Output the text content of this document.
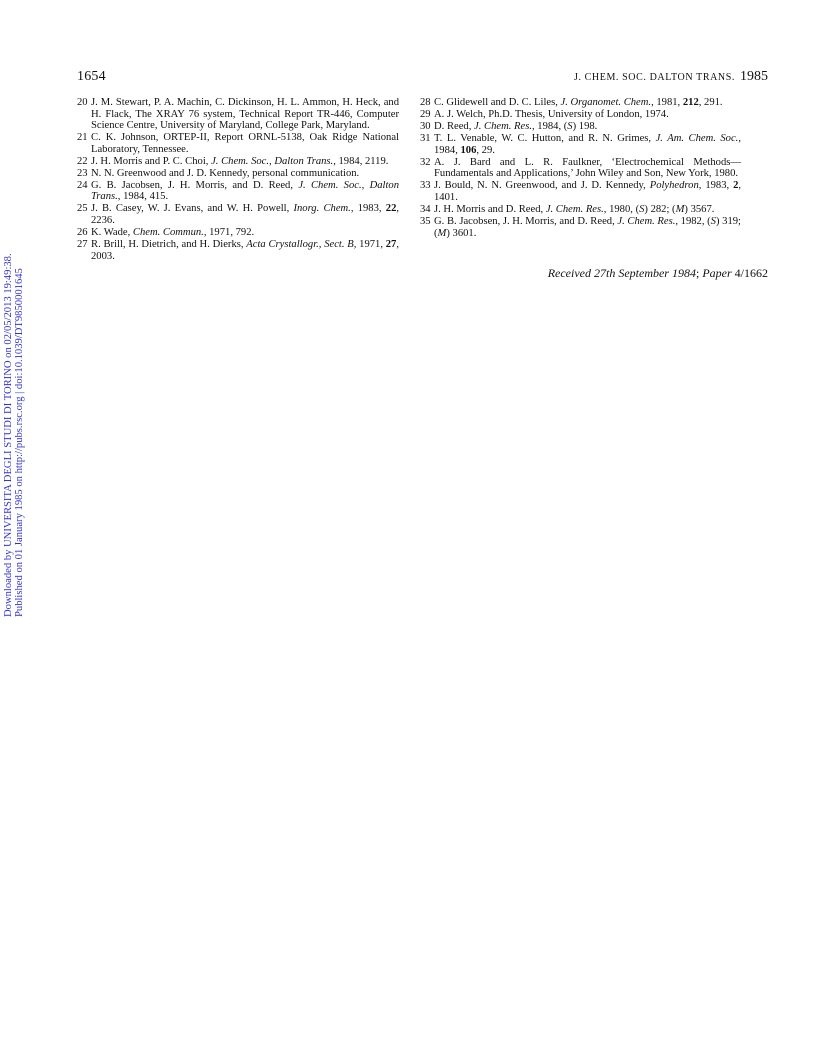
Downloaded by UNIVERSITA DEGLI STUDI DI TORINO on 02/05/2013 19:49:38. Published on 01 January 1985 on http://pubs.rsc.org | doi:10.1039/DT9850001645
1654	J. CHEM. SOC. DALTON TRANS. 1985
20 J. M. Stewart, P. A. Machin, C. Dickinson, H. L. Ammon, H. Heck, and H. Flack, The XRAY 76 system, Technical Report TR-446, Computer Science Centre, University of Maryland, College Park, Maryland.
21 C. K. Johnson, ORTEP-II, Report ORNL-5138, Oak Ridge National Laboratory, Tennessee.
22 J. H. Morris and P. C. Choi, J. Chem. Soc., Dalton Trans., 1984, 2119.
23 N. N. Greenwood and J. D. Kennedy, personal communication.
24 G. B. Jacobsen, J. H. Morris, and D. Reed, J. Chem. Soc., Dalton Trans., 1984, 415.
25 J. B. Casey, W. J. Evans, and W. H. Powell, Inorg. Chem., 1983, 22, 2236.
26 K. Wade, Chem. Commun., 1971, 792.
27 R. Brill, H. Dietrich, and H. Dierks, Acta Crystallogr., Sect. B, 1971, 27, 2003.
28 C. Glidewell and D. C. Liles, J. Organomet. Chem., 1981, 212, 291.
29 A. J. Welch, Ph.D. Thesis, University of London, 1974.
30 D. Reed, J. Chem. Res., 1984, (S) 198.
31 T. L. Venable, W. C. Hutton, and R. N. Grimes, J. Am. Chem. Soc., 1984, 106, 29.
32 A. J. Bard and L. R. Faulkner, ‘Electrochemical Methods—Fundamentals and Applications,’ John Wiley and Son, New York, 1980.
33 J. Bould, N. N. Greenwood, and J. D. Kennedy, Polyhedron, 1983, 2, 1401.
34 J. H. Morris and D. Reed, J. Chem. Res., 1980, (S) 282; (M) 3567.
35 G. B. Jacobsen, J. H. Morris, and D. Reed, J. Chem. Res., 1982, (S) 319; (M) 3601.
Received 27th September 1984; Paper 4/1662
